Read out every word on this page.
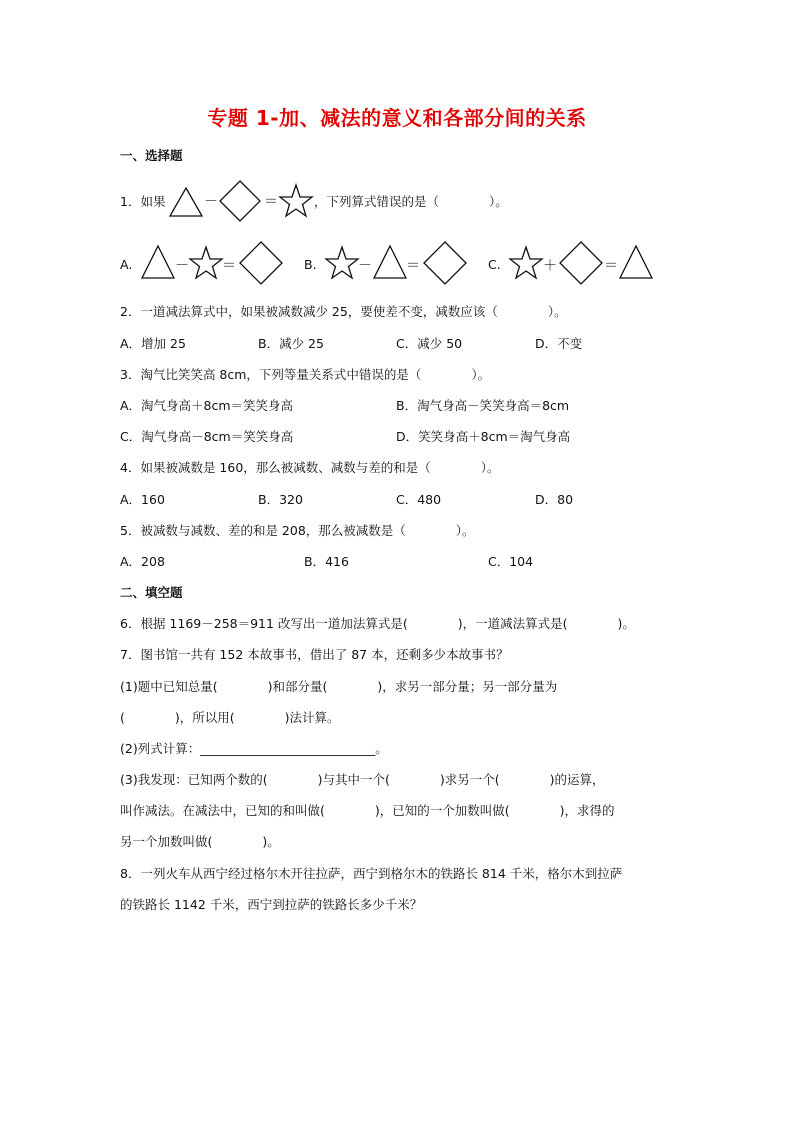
专题 1-加、减法的意义和各部分间的关系
一、选择题
1．如果	－	＝	，下列算式错误的是（　　　　）。
A.	－ ＝	B.	－ ＝	C.	＋	＝
2．一道减法算式中，如果被减数减少 25，要使差不变，减数应该（　　　　）。
A．增加 25	B．减少 25	C．减少 50	D．不变
3．淘气比笑笑高 8cm，下列等量关系式中错误的是（　　　　）。
A．淘气身高＋8cm＝笑笑身高	B．淘气身高－笑笑身高＝8cm
C．淘气身高－8cm＝笑笑身高	D．笑笑身高＋8cm＝淘气身高
4．如果被减数是 160，那么被减数、减数与差的和是（　　　　）。
A．160	B．320	C．480	D．80
5．被减数与减数、差的和是 208，那么被减数是（　　　　）。
A．208	B．416	C．104
二、填空题
6．根据 1169－258＝911 改写出一道加法算式是(　　　　)，一道减法算式是(　　　　)。
7．图书馆一共有 152 本故事书，借出了 87 本，还剩多少本故事书？
(1)题中已知总量(　　　　)和部分量(　　　　)，求另一部分量；另一部分量为
(　　　　)，所以用(　　　　)法计算。
(2)列式计算：____________________________。
(3)我发现：已知两个数的(　　　　)与其中一个(　　　　)求另一个(　　　　)的运算，
叫作减法。在减法中，已知的和叫做(　　　　)，已知的一个加数叫做(　　　　)，求得的
另一个加数叫做(　　　　)。
8．一列火车从西宁经过格尔木开往拉萨，西宁到格尔木的铁路长 814 千米，格尔木到拉萨
的铁路长 1142 千米，西宁到拉萨的铁路长多少千米？
